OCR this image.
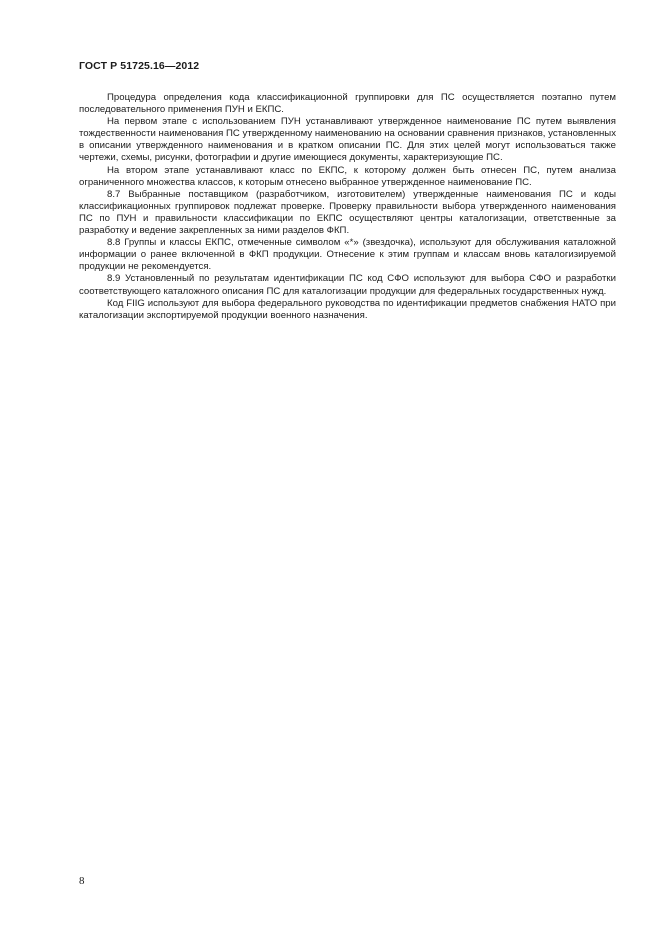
ГОСТ Р 51725.16—2012

Процедура определения кода классификационной группировки для ПС осуществляется поэтапно путем последовательного применения ПУН и ЕКПС.

На первом этапе с использованием ПУН устанавливают утвержденное наименование ПС путем выявления тождественности наименования ПС утвержденному наименованию на основании сравнения признаков, установленных в описании утвержденного наименования и в кратком описании ПС. Для этих целей могут использоваться также чертежи, схемы, рисунки, фотографии и другие имеющиеся документы, характеризующие ПС.

На втором этапе устанавливают класс по ЕКПС, к которому должен быть отнесен ПС, путем анализа ограниченного множества классов, к которым отнесено выбранное утвержденное наименование ПС.

8.7 Выбранные поставщиком (разработчиком, изготовителем) утвержденные наименования ПС и коды классификационных группировок подлежат проверке. Проверку правильности выбора утвержденного наименования ПС по ПУН и правильности классификации по ЕКПС осуществляют центры каталогизации, ответственные за разработку и ведение закрепленных за ними разделов ФКП.

8.8 Группы и классы ЕКПС, отмеченные символом «*» (звездочка), используют для обслуживания каталожной информации о ранее включенной в ФКП продукции. Отнесение к этим группам и классам вновь каталогизируемой продукции не рекомендуется.

8.9 Установленный по результатам идентификации ПС код СФО используют для выбора СФО и разработки соответствующего каталожного описания ПС для каталогизации продукции для федеральных государственных нужд.

Код FIIG используют для выбора федерального руководства по идентификации предметов снабжения НАТО при каталогизации экспортируемой продукции военного назначения.

8
